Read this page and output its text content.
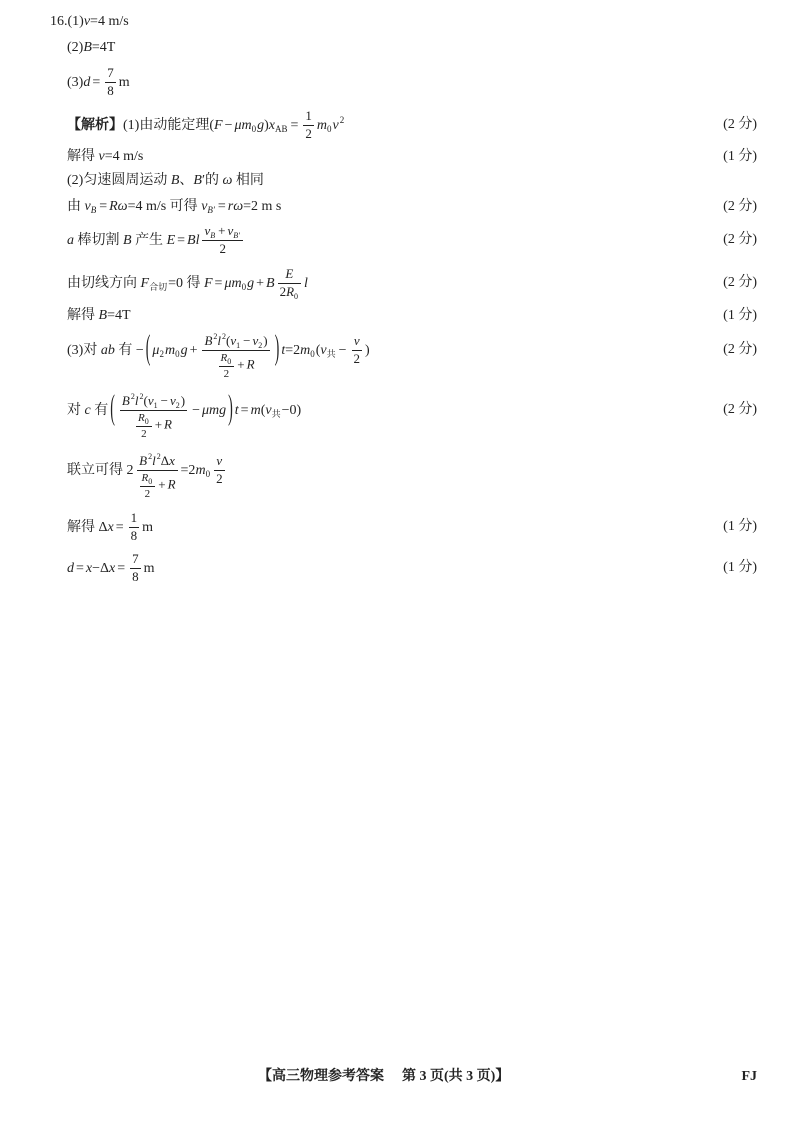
16.(1)v=4 m/s
(2)B=4T
$(3)d = \frac{7}{8}$ m
【解析】(1)由动能定理$(F - \mu m_0g)x_{AB} = \frac{1}{2} m_0v^2$	(2 分)
解得 v=4 m/s	(1 分)
(2)匀速圆周运动 B、B′的 ω 相同
由 $v_B = R\omega=4$ m/s 可得 $v_{B'} = r\omega=2$ m s	(2 分)
a 棒切割 B 产生 E = Bl $\frac{v_B + v_{B'}}{2}$	(2 分)
由切线方向 $F_{合切}=0$ 得 $F = \mu m_0g + B \frac{E}{2R_0}$ l	(2 分)
解得 B=4T	(1 分)
(3)对 ab 有 − ( $\mu_2m_0g + \frac{B^2l^2(v_1 - v_2)}{\frac{R_0}{2} + R}$ ) $t=2m_0(v_共 - \frac{v}{2}$ )	(2 分)
对 c 有 ( $\frac{B^2l^2(v_1 - v_2)}{\frac{R_0}{2} + R} - \mu mg$ ) $t = m(v_共-0)$	(2 分)
联立可得 $2 \frac{B^2l^2\Delta x}{\frac{R_0}{2} + R} =2m_0 \frac{v}{2}$
解得 $\Delta x = \frac{1}{8}$ m	(1 分)
$d = x-\Delta x = \frac{7}{8}$ m	(1 分)
【高三物理参考答案 第 3 页(共 3 页)】	FJ
